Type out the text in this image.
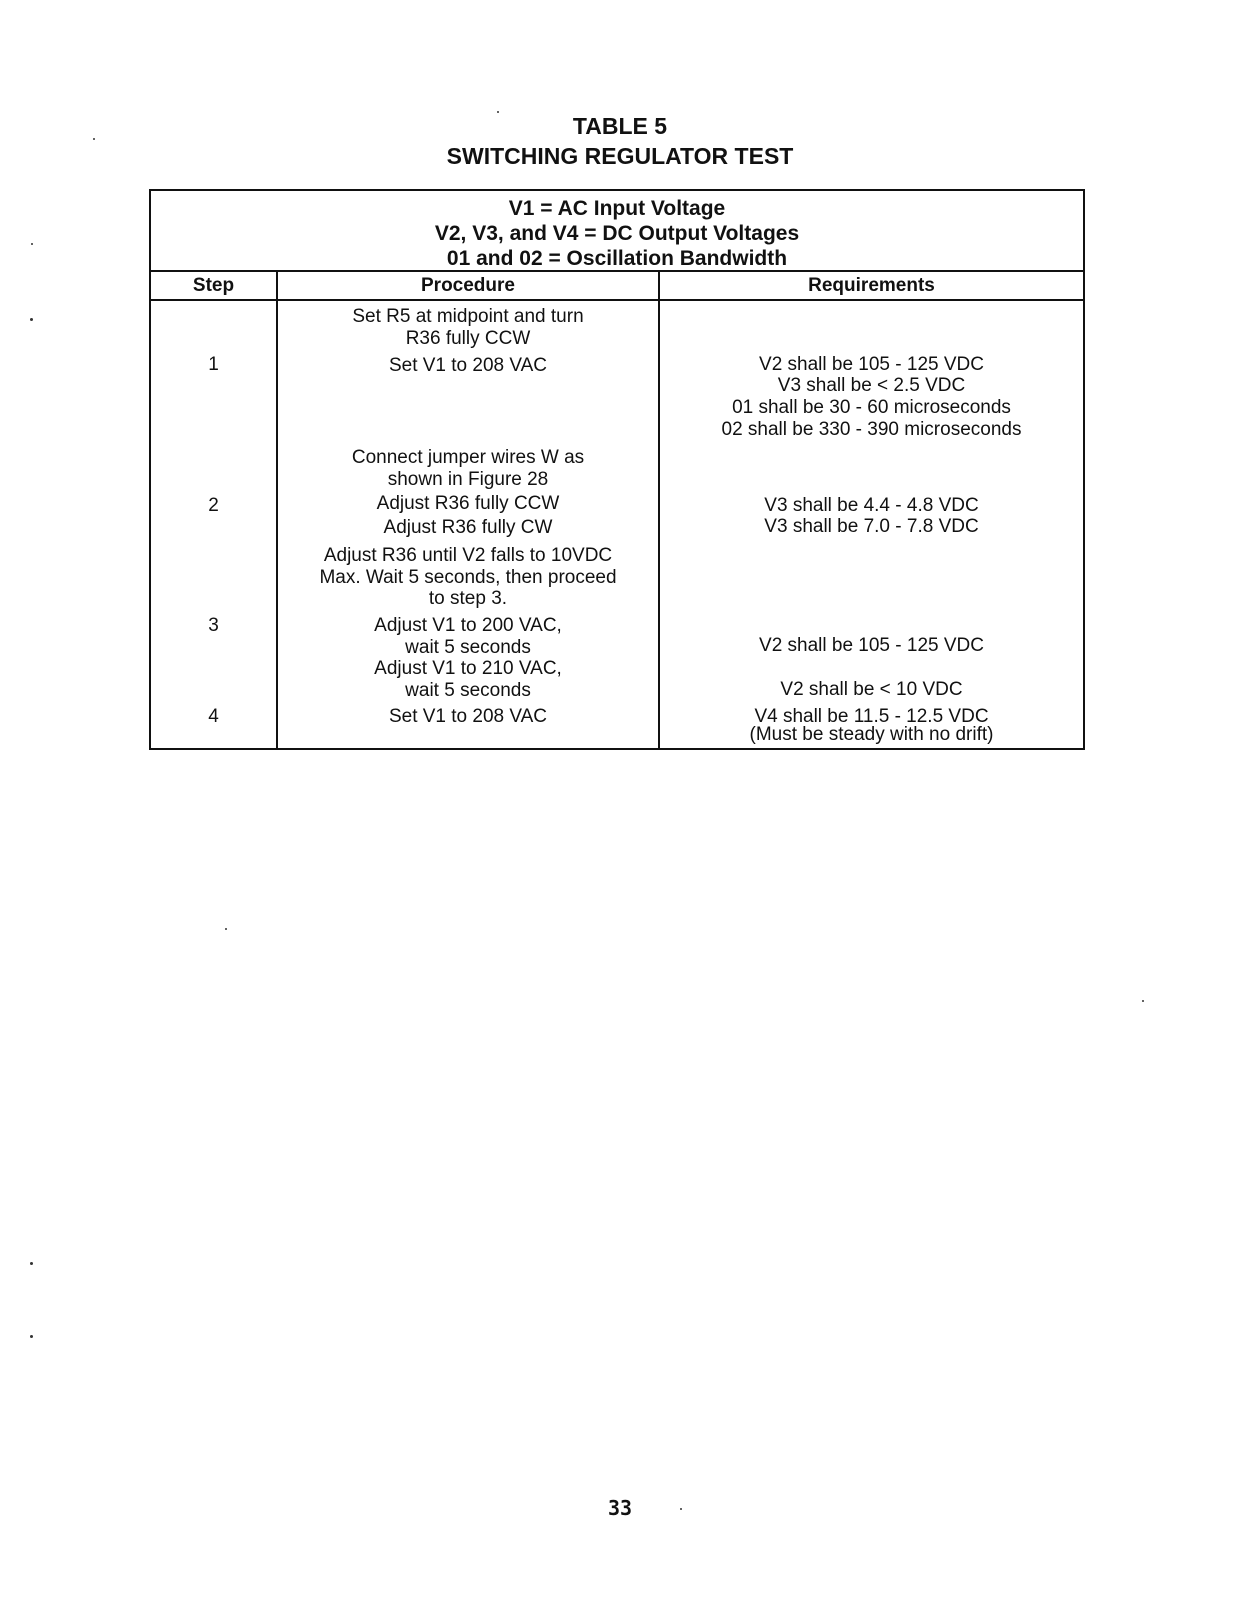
TABLE 5
SWITCHING REGULATOR TEST
V1 = AC Input Voltage
V2, V3, and V4 = DC Output Voltages
01 and 02 = Oscillation Bandwidth
Step	Procedure	Requirements
1
2
3
4
Set R5 at midpoint and turn
R36 fully CCW
Set V1 to 208 VAC
Connect jumper wires W as
shown in Figure 28
Adjust R36 fully CCW
Adjust R36 fully CW
Adjust R36 until V2 falls to 10VDC
Max. Wait 5 seconds, then proceed
to step 3.
Adjust V1 to 200 VAC,
wait 5 seconds
Adjust V1 to 210 VAC,
wait 5 seconds
Set V1 to 208 VAC
V2 shall be 105 - 125 VDC
V3 shall be < 2.5 VDC
01 shall be 30 - 60 microseconds
02 shall be 330 - 390 microseconds
V3 shall be 4.4 - 4.8 VDC
V3 shall be 7.0 - 7.8 VDC
V2 shall be 105 - 125 VDC
V2 shall be < 10 VDC
V4 shall be 11.5 - 12.5 VDC
(Must be steady with no drift)
33
